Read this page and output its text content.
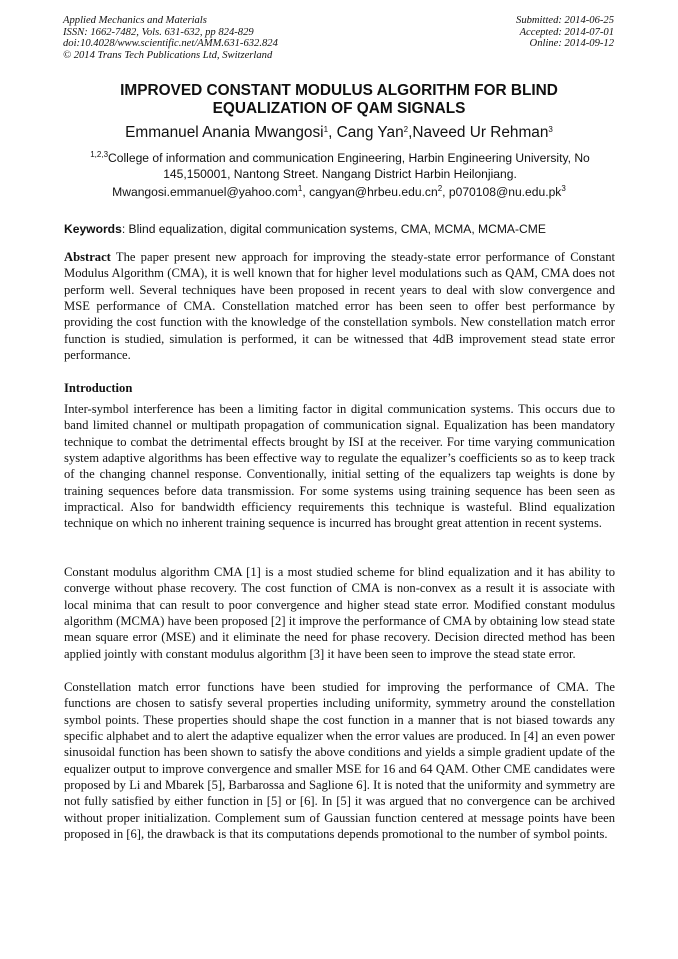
Applied Mechanics and Materials
ISSN: 1662-7482, Vols. 631-632, pp 824-829
doi:10.4028/www.scientific.net/AMM.631-632.824
© 2014 Trans Tech Publications Ltd, Switzerland
Submitted: 2014-06-25
Accepted: 2014-07-01
Online: 2014-09-12
IMPROVED CONSTANT MODULUS ALGORITHM FOR BLIND
EQUALIZATION OF QAM SIGNALS
Emmanuel Anania Mwangosi$^1$, Cang Yan$^2$,Naveed Ur Rehman$^3$
$^{1,2,3}$College of information and communication Engineering, Harbin Engineering University, No 145,150001, Nantong Street. Nangang District Harbin Heilonjiang.
Mwangosi.emmanuel@yahoo.com$^1$, $cangyan@hrbeu.edu.cn^2$, $p070108@nu.edu.pk^3$
Keywords: Blind equalization, digital communication systems, CMA, MCMA, MCMA-CME

Abstract The paper present new approach for improving the steady-state error performance of Constant Modulus Algorithm (CMA), it is well known that for higher level modulations such as QAM, CMA does not perform well. Several techniques have been proposed in recent years to deal with slow convergence and MSE performance of CMA. Constellation matched error has been seen to offer best performance by providing the cost function with the knowledge of the constellation symbols. New constellation match error function is studied, simulation is performed, it can be witnessed that 4dB improvement stead state error performance.

Introduction

Inter-symbol interference has been a limiting factor in digital communication systems. This occurs due to band limited channel or multipath propagation of communication signal. Equalization has been mandatory technique to combat the detrimental effects brought by ISI at the receiver. For time varying communication system adaptive algorithms has been effective way to regulate the equalizer’s coefficients so as to keep track of the changing channel response. Conventionally, initial setting of the equalizers tap weights is done by training sequences before data transmission. For some systems using training sequence has been seen as impractical. Also for bandwidth efficiency requirements this technique is wasteful. Blind equalization technique on which no inherent training sequence is incurred has brought great attention in recent systems.

Constant modulus algorithm CMA [1] is a most studied scheme for blind equalization and it has ability to converge without phase recovery. The cost function of CMA is non-convex as a result it is associate with local minima that can result to poor convergence and higher stead state error. Modified constant modulus algorithm (MCMA) have been proposed [2] it improve the performance of CMA by obtaining low stead state mean square error (MSE) and it eliminate the need for phase recovery. Decision directed method has been applied jointly with constant modulus algorithm [3] it have been seen to improve the stead state error.

Constellation match error functions have been studied for improving the performance of CMA. The functions are chosen to satisfy several properties including uniformity, symmetry around the constellation symbol points. These properties should shape the cost function in a manner that is not biased towards any specific alphabet and to alert the adaptive equalizer when the error values are produced. In [4] an even power sinusoidal function has been shown to satisfy the above conditions and yields a simple gradient update of the equalizer output to improve convergence and smaller MSE for 16 and 64 QAM. Other CME candidates were proposed by Li and Mbarek [5], Barbarossa and Saglione 6]. It is noted that the uniformity and symmetry are not fully satisfied by either function in [5] or [6]. In [5] it was argued that no convergence can be archived without proper initialization. Complement sum of Gaussian function centered at message points have been proposed in [6], the drawback is that its computations depends promotional to the number of symbol points.
